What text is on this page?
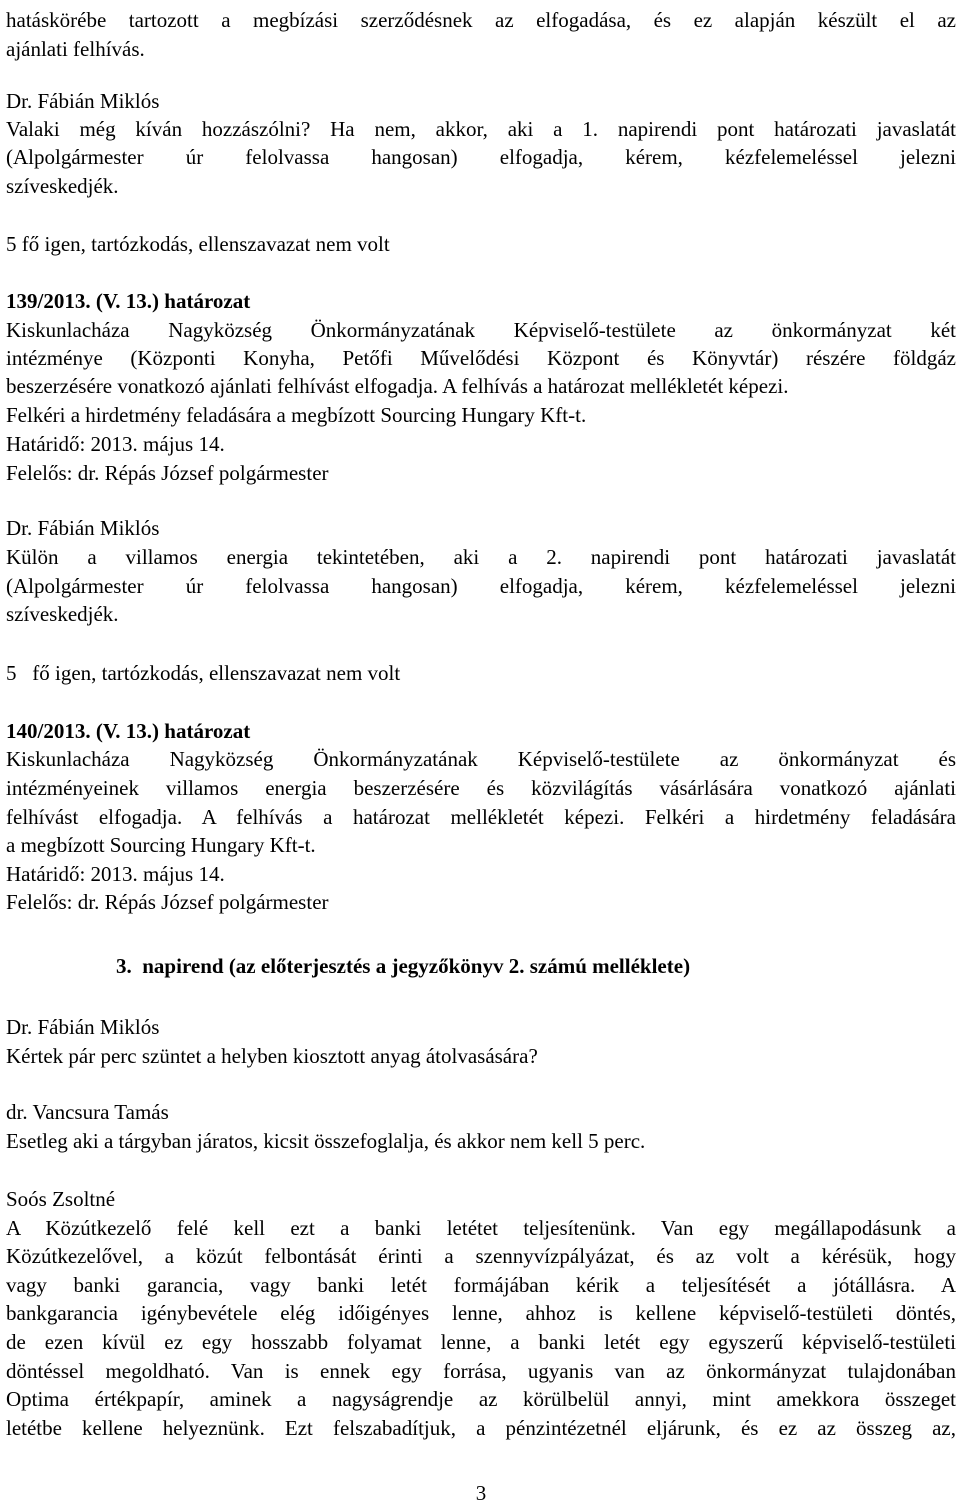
hatáskörébe tartozott a megbízási szerződésnek az elfogadása, és ez alapján készült el az
ajánlati felhívás.
Dr. Fábián Miklós
Valaki még kíván hozzászólni? Ha nem, akkor, aki a 1. napirendi pont határozati javaslatát
(Alpolgármester úr felolvassa hangosan) elfogadja, kérem, kézfelemeléssel jelezni
szíveskedjék.
5 fő igen, tartózkodás, ellenszavazat nem volt
139/2013. (V. 13.) határozat
Kiskunlacháza Nagyközség Önkormányzatának Képviselő-testülete az önkormányzat két
intézménye (Központi Konyha, Petőfi Művelődési Központ és Könyvtár) részére földgáz
beszerzésére vonatkozó ajánlati felhívást elfogadja. A felhívás a határozat mellékletét képezi.
Felkéri a hirdetmény feladására a megbízott Sourcing Hungary Kft-t.
Határidő: 2013. május 14.
Felelős: dr. Répás József polgármester
Dr. Fábián Miklós
Külön a villamos energia tekintetében, aki a 2. napirendi pont határozati javaslatát
(Alpolgármester úr felolvassa hangosan) elfogadja, kérem, kézfelemeléssel jelezni
szíveskedjék.
5 fő igen, tartózkodás, ellenszavazat nem volt
140/2013. (V. 13.) határozat
Kiskunlacháza Nagyközség Önkormányzatának Képviselő-testülete az önkormányzat és
intézményeinek villamos energia beszerzésére és közvilágítás vásárlására vonatkozó ajánlati
felhívást elfogadja. A felhívás a határozat mellékletét képezi. Felkéri a hirdetmény feladására
a megbízott Sourcing Hungary Kft-t.
Határidő: 2013. május 14.
Felelős: dr. Répás József polgármester
3.  napirend (az előterjesztés a jegyzőkönyv 2. számú melléklete)
Dr. Fábián Miklós
Kértek pár perc szüntet a helyben kiosztott anyag átolvasására?
dr. Vancsura Tamás
Esetleg aki a tárgyban járatos, kicsit összefoglalja, és akkor nem kell 5 perc.
Soós Zsoltné
A Közútkezelő felé kell ezt a banki letétet teljesítenünk. Van egy megállapodásunk a
Közútkezelővel, a közút felbontását érinti a szennyvízpályázat, és az volt a kérésük, hogy
vagy banki garancia, vagy banki letét formájában kérik a teljesítését a jótállásra. A
bankgarancia igénybevétele elég időigényes lenne, ahhoz is kellene képviselő-testületi döntés,
de ezen kívül ez egy hosszabb folyamat lenne, a banki letét egy egyszerű képviselő-testületi
döntéssel megoldható. Van is ennek egy forrása, ugyanis van az önkormányzat tulajdonában
Optima értékpapír, aminek a nagyságrendje az körülbelül annyi, mint amekkora összeget
letétbe kellene helyeznünk. Ezt felszabadítjuk, a pénzintézetnél eljárunk, és ez az összeg az,
3
